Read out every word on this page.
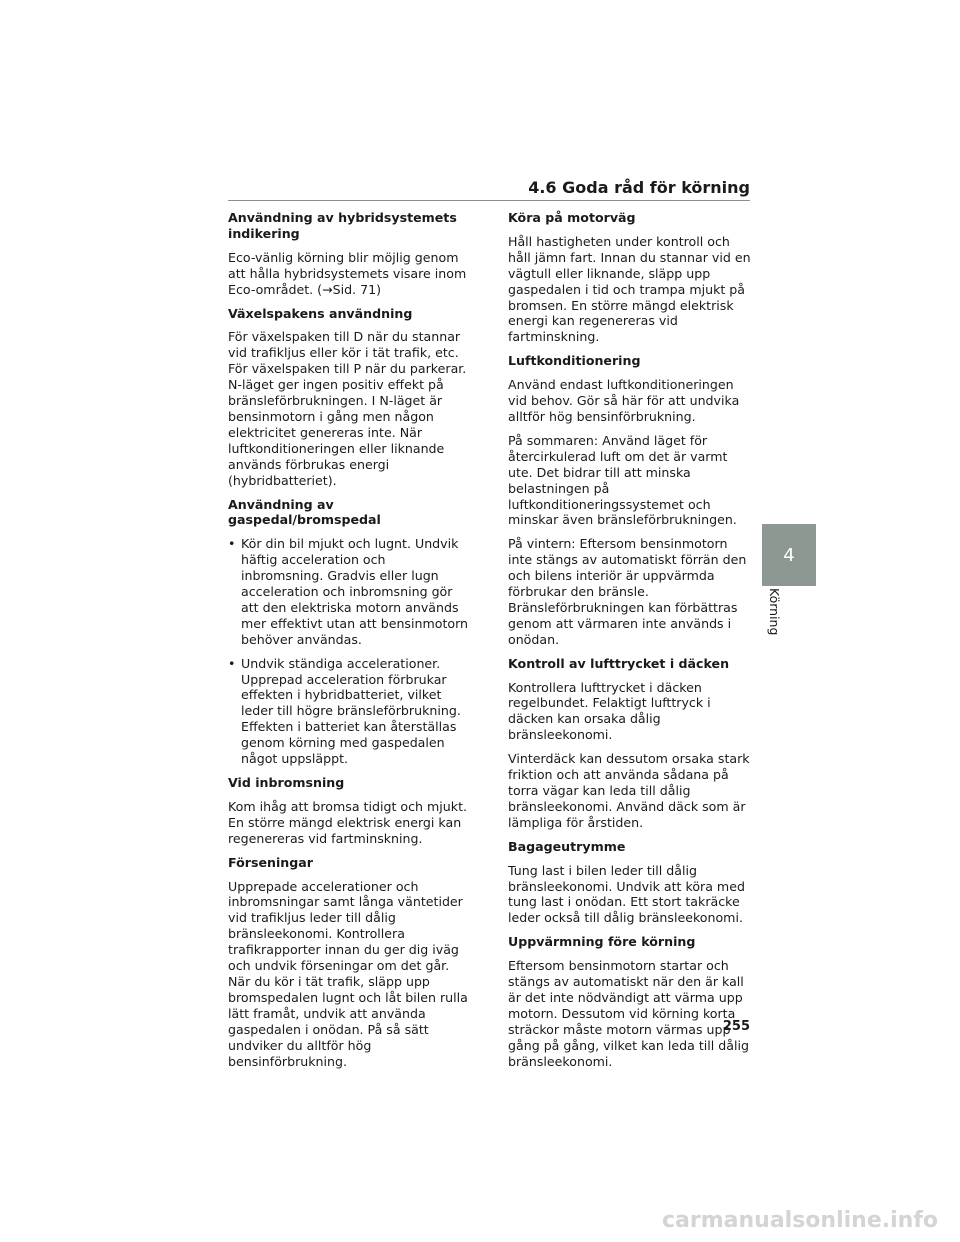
4.6 Goda råd för körning
Användning av hybridsystemets indikering
Eco-vänlig körning blir möjlig genom att hålla hybridsystemets visare inom Eco-området. (→Sid. 71)
Växelspakens användning
För växelspaken till D när du stannar vid trafikljus eller kör i tät trafik, etc. För växelspaken till P när du parkerar. N-läget ger ingen positiv effekt på bränsleförbrukningen. I N-läget är bensinmotorn i gång men någon elektricitet genereras inte. När luftkonditioneringen eller liknande används förbrukas energi (hybridbatteriet).
Användning av gaspedal/bromspedal
• Kör din bil mjukt och lugnt. Undvik häftig acceleration och inbromsning. Gradvis eller lugn acceleration och inbromsning gör att den elektriska motorn används mer effektivt utan att bensinmotorn behöver användas.
• Undvik ständiga accelerationer. Upprepad acceleration förbrukar effekten i hybridbatteriet, vilket leder till högre bränsleförbrukning. Effekten i batteriet kan återställas genom körning med gaspedalen något uppsläppt.
Vid inbromsning
Kom ihåg att bromsa tidigt och mjukt. En större mängd elektrisk energi kan regenereras vid fartminskning.
Förseningar
Upprepade accelerationer och inbromsningar samt långa väntetider vid trafikljus leder till dålig bränsleekonomi. Kontrollera trafikrapporter innan du ger dig iväg och undvik förseningar om det går. När du kör i tät trafik, släpp upp bromspedalen lugnt och låt bilen rulla lätt framåt, undvik att använda gaspedalen i onödan. På så sätt undviker du alltför hög bensinförbrukning.
Köra på motorväg
Håll hastigheten under kontroll och håll jämn fart. Innan du stannar vid en vägtull eller liknande, släpp upp gaspedalen i tid och trampa mjukt på bromsen. En större mängd elektrisk energi kan regenereras vid fartminskning.
Luftkonditionering
Använd endast luftkonditioneringen vid behov. Gör så här för att undvika alltför hög bensinförbrukning.
På sommaren: Använd läget för återcirkulerad luft om det är varmt ute. Det bidrar till att minska belastningen på luftkonditioneringssystemet och minskar även bränsleförbrukningen.
På vintern: Eftersom bensinmotorn inte stängs av automatiskt förrän den och bilens interiör är uppvärmda förbrukar den bränsle. Bränsleförbrukningen kan förbättras genom att värmaren inte används i onödan.
Kontroll av lufttrycket i däcken
Kontrollera lufttrycket i däcken regelbundet. Felaktigt lufttryck i däcken kan orsaka dålig bränsleekonomi.
Vinterdäck kan dessutom orsaka stark friktion och att använda sådana på torra vägar kan leda till dålig bränsleekonomi. Använd däck som är lämpliga för årstiden.
Bagageutrymme
Tung last i bilen leder till dålig bränsleekonomi. Undvik att köra med tung last i onödan. Ett stort takräcke leder också till dålig bränsleekonomi.
Uppvärmning före körning
Eftersom bensinmotorn startar och stängs av automatiskt när den är kall är det inte nödvändigt att värma upp motorn. Dessutom vid körning korta sträckor måste motorn värmas upp gång på gång, vilket kan leda till dålig bränsleekonomi.
4
Körning
255
carmanualsonline.info
